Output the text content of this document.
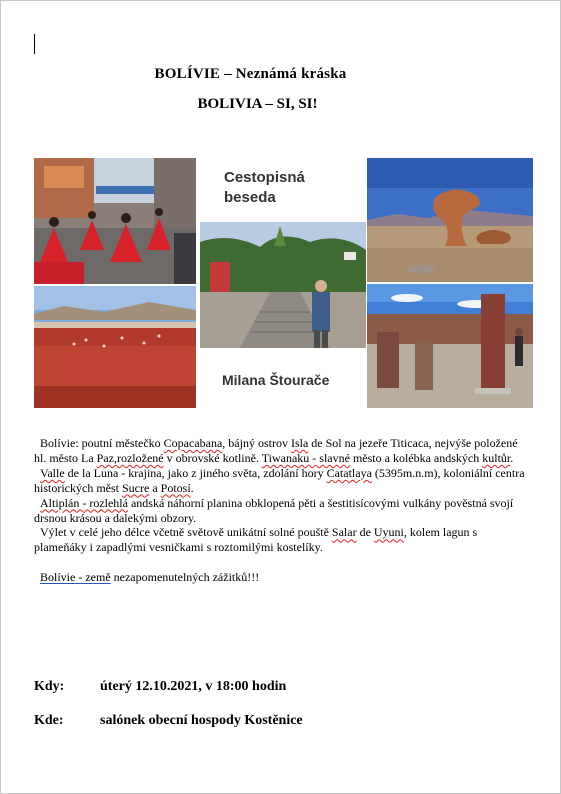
BOLÍVIE – Neznámá kráska
BOLIVIA – SI, SI!
Cestopisná beseda
Milana Štourače

Bolívie: poutní městečko Copacabana, bájný ostrov Isla de Sol na jezeře Titicaca, nejvýše položené hl. město La Paz,rozložené v obrovské kotlině. Tiwanaku - slavné město a kolébka andských kultůr.

Valle de la Luna - krajina, jako z jiného světa, zdolání hory Catatlaya (5395m.n.m), koloniální centra historických měst Sucre a Potosí.

Altiplán - rozlehlá andská náhorní planina obklopená pěti a šestitisícovými vulkány pověstná svojí drsnou krásou a dalekými obzory.

Výlet v celé jeho délce včetně světově unikátní solné pouště Salar de Uyuni, kolem lagun s plameňáky i zapadlými vesničkami s roztomilými kostelíky.

Bolívie - země nezapomenutelných zážitků!!!

Kdy:	úterý 12.10.2021, v 18:00 hodin
Kde:	salónek obecní hospody Kostěnice
